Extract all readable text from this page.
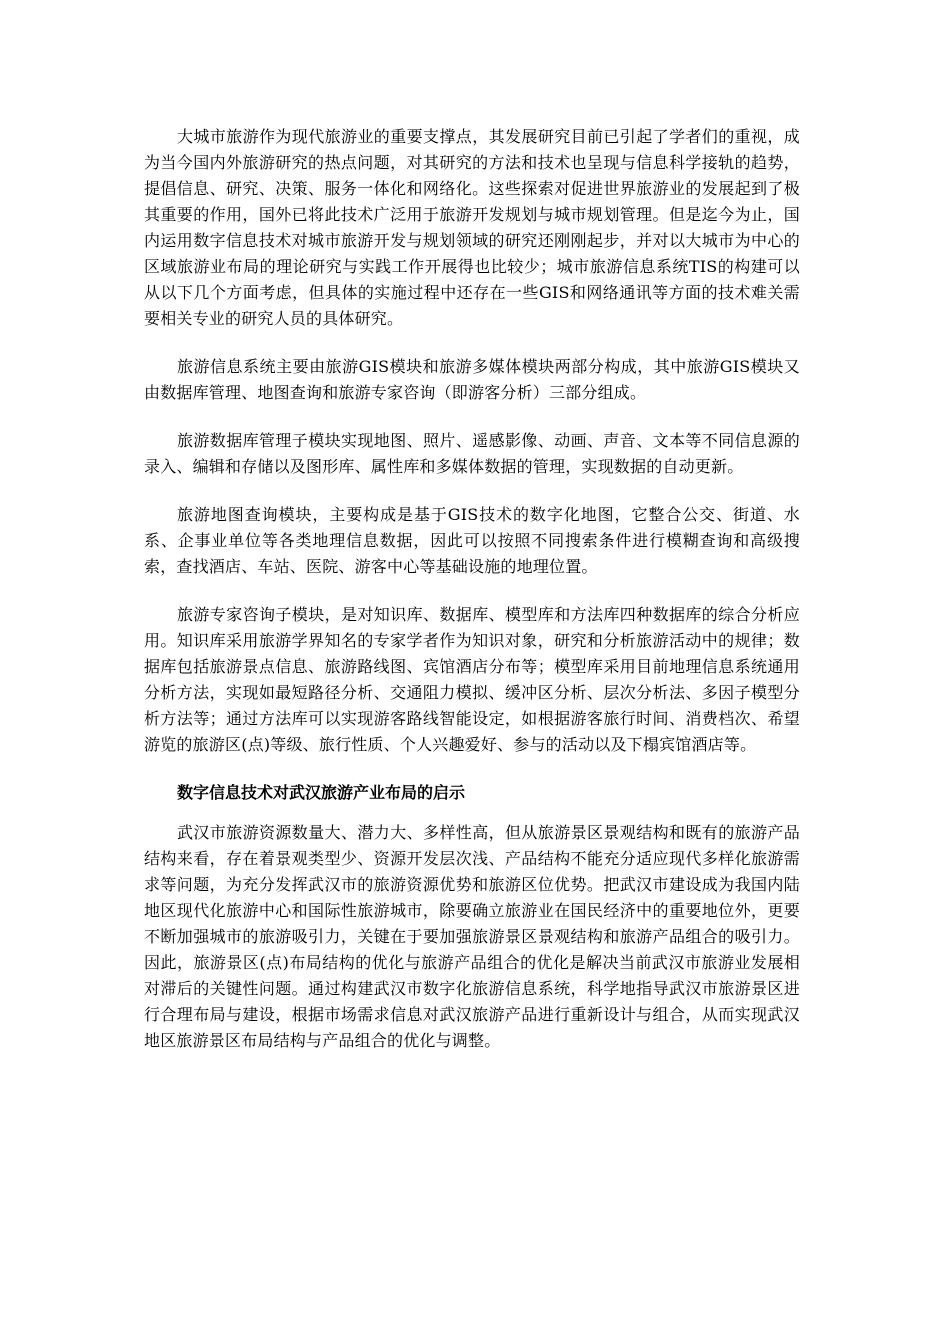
大城市旅游作为现代旅游业的重要支撑点，其发展研究目前已引起了学者们的重视，成为当今国内外旅游研究的热点问题，对其研究的方法和技术也呈现与信息科学接轨的趋势，提倡信息、研究、决策、服务一体化和网络化。这些探索对促进世界旅游业的发展起到了极其重要的作用，国外已将此技术广泛用于旅游开发规划与城市规划管理。但是迄今为止，国内运用数字信息技术对城市旅游开发与规划领域的研究还刚刚起步，并对以大城市为中心的区域旅游业布局的理论研究与实践工作开展得也比较少；城市旅游信息系统TIS的构建可以从以下几个方面考虑，但具体的实施过程中还存在一些GIS和网络通讯等方面的技术难关需要相关专业的研究人员的具体研究。

旅游信息系统主要由旅游GIS模块和旅游多媒体模块两部分构成，其中旅游GIS模块又由数据库管理、地图查询和旅游专家咨询（即游客分析）三部分组成。

旅游数据库管理子模块实现地图、照片、遥感影像、动画、声音、文本等不同信息源的录入、编辑和存储以及图形库、属性库和多媒体数据的管理，实现数据的自动更新。

旅游地图查询模块，主要构成是基于GIS技术的数字化地图，它整合公交、街道、水系、企事业单位等各类地理信息数据，因此可以按照不同搜索条件进行模糊查询和高级搜索，查找酒店、车站、医院、游客中心等基础设施的地理位置。

旅游专家咨询子模块，是对知识库、数据库、模型库和方法库四种数据库的综合分析应用。知识库采用旅游学界知名的专家学者作为知识对象，研究和分析旅游活动中的规律；数据库包括旅游景点信息、旅游路线图、宾馆酒店分布等；模型库采用目前地理信息系统通用分析方法，实现如最短路径分析、交通阻力模拟、缓冲区分析、层次分析法、多因子模型分析方法等；通过方法库可以实现游客路线智能设定，如根据游客旅行时间、消费档次、希望游览的旅游区(点)等级、旅行性质、个人兴趣爱好、参与的活动以及下榻宾馆酒店等。

数字信息技术对武汉旅游产业布局的启示

武汉市旅游资源数量大、潜力大、多样性高，但从旅游景区景观结构和既有的旅游产品结构来看，存在着景观类型少、资源开发层次浅、产品结构不能充分适应现代多样化旅游需求等问题，为充分发挥武汉市的旅游资源优势和旅游区位优势。把武汉市建设成为我国内陆地区现代化旅游中心和国际性旅游城市，除要确立旅游业在国民经济中的重要地位外，更要不断加强城市的旅游吸引力，关键在于要加强旅游景区景观结构和旅游产品组合的吸引力。因此，旅游景区(点)布局结构的优化与旅游产品组合的优化是解决当前武汉市旅游业发展相对滞后的关键性问题。通过构建武汉市数字化旅游信息系统，科学地指导武汉市旅游景区进行合理布局与建设，根据市场需求信息对武汉旅游产品进行重新设计与组合，从而实现武汉地区旅游景区布局结构与产品组合的优化与调整。
